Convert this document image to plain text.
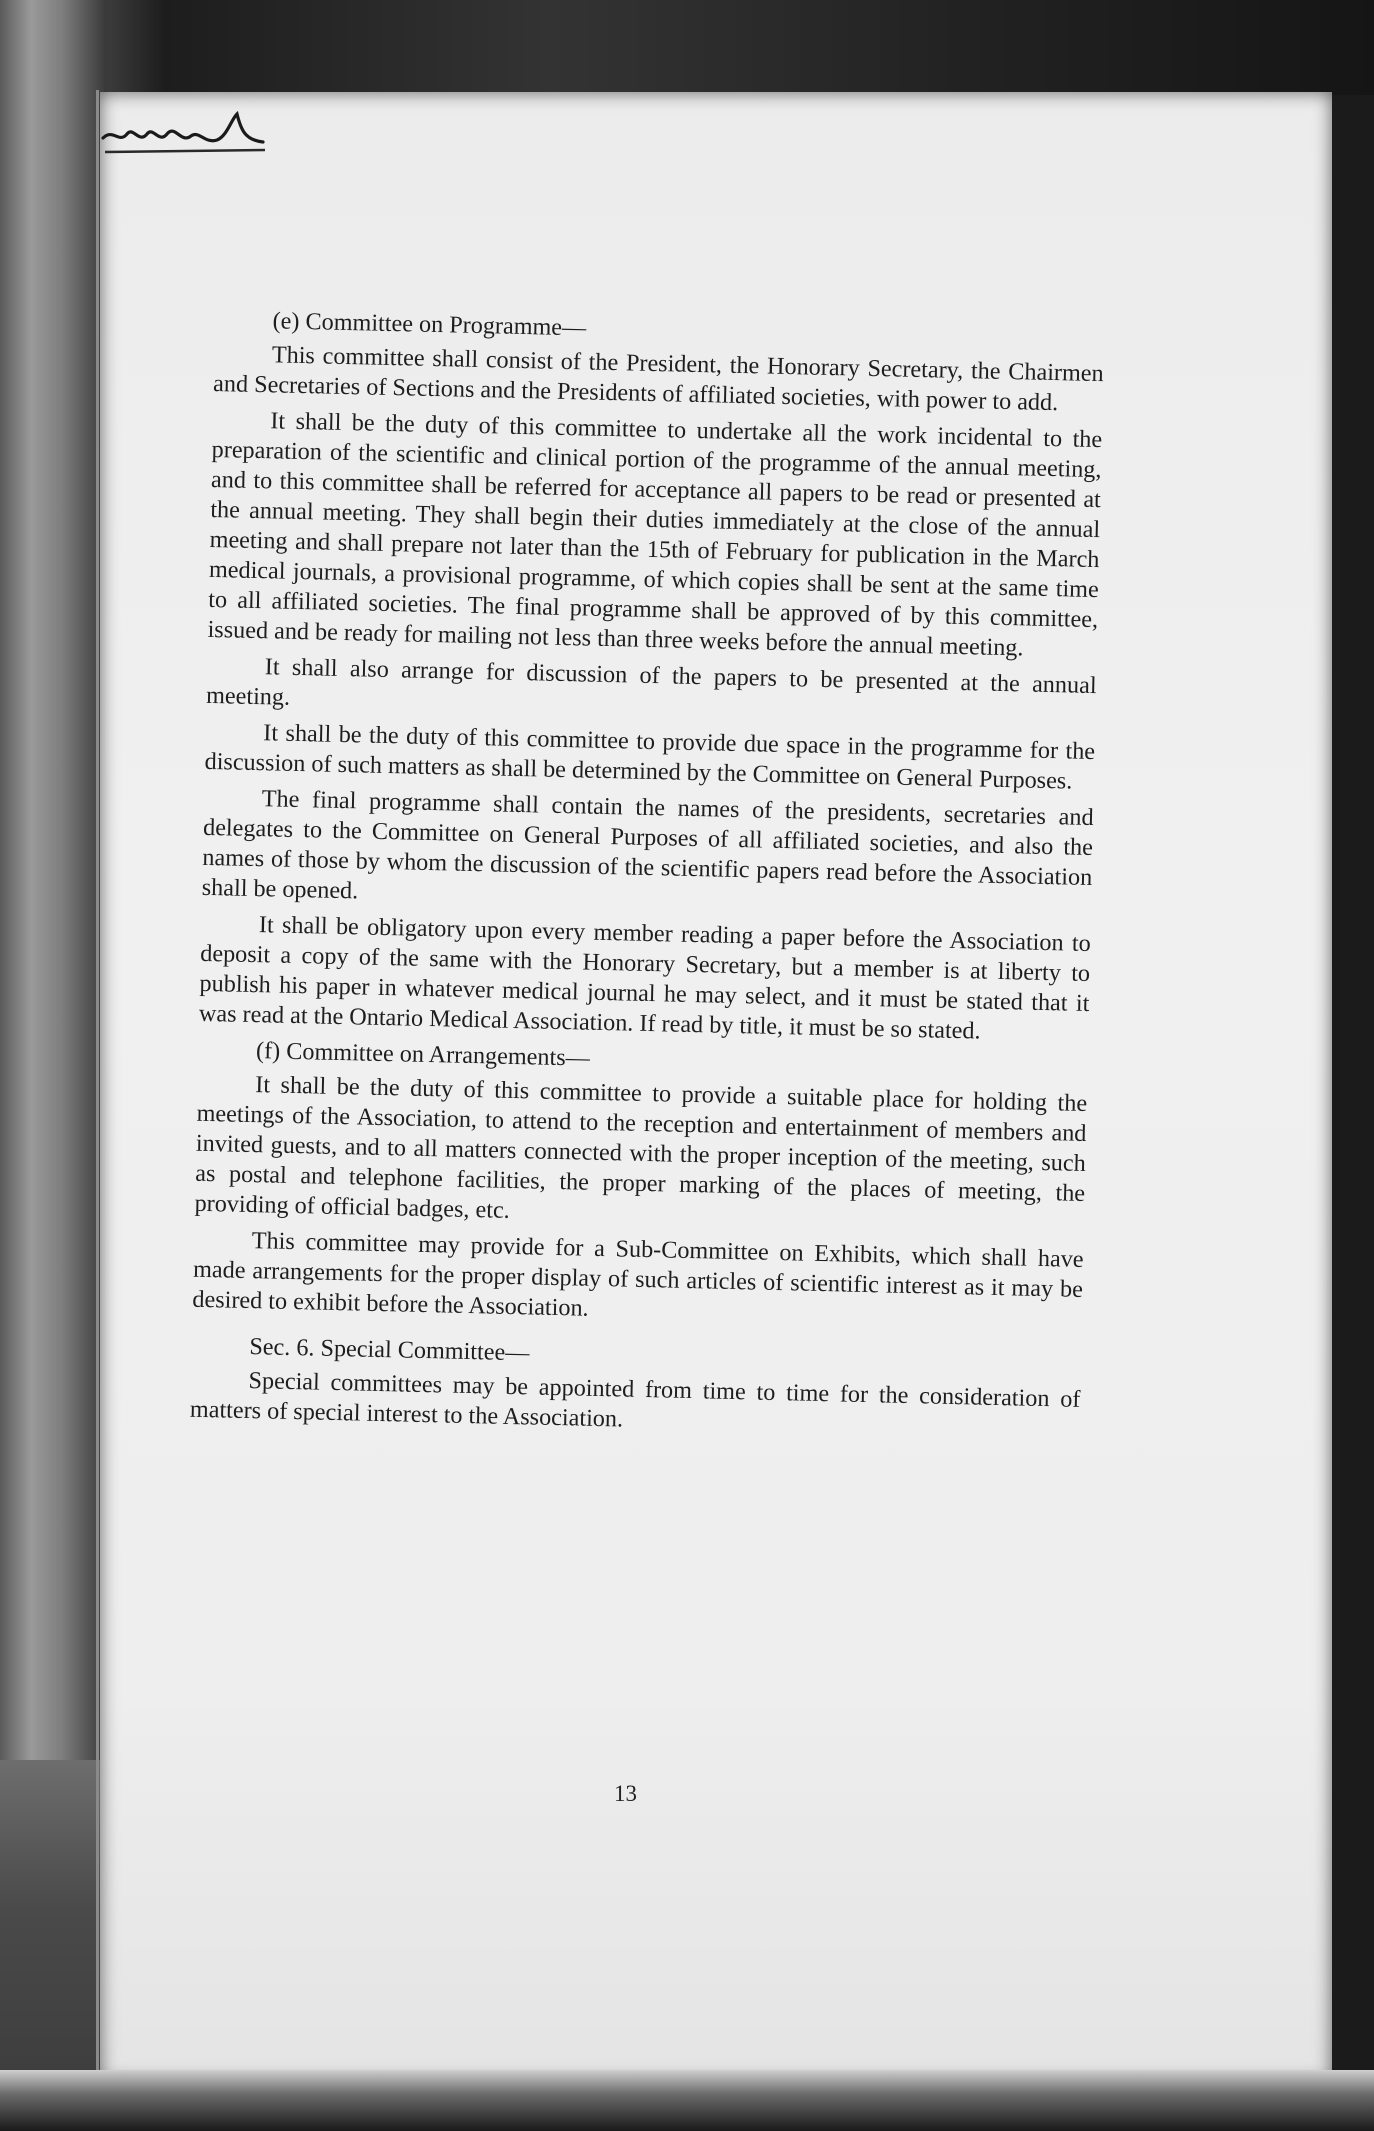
(e) Committee on Programme—

This committee shall consist of the President, the Honorary Secretary, the Chairmen and Secretaries of Sections and the Presidents of affiliated societies, with power to add.

It shall be the duty of this committee to undertake all the work incidental to the preparation of the scientific and clinical portion of the programme of the annual meeting, and to this committee shall be referred for acceptance all papers to be read or presented at the annual meeting. They shall begin their duties immediately at the close of the annual meeting and shall prepare not later than the 15th of February for publication in the March medical journals, a provisional programme, of which copies shall be sent at the same time to all affiliated societies. The final programme shall be approved of by this committee, issued and be ready for mailing not less than three weeks before the annual meeting.

It shall also arrange for discussion of the papers to be presented at the annual meeting.

It shall be the duty of this committee to provide due space in the programme for the discussion of such matters as shall be determined by the Committee on General Purposes.

The final programme shall contain the names of the presidents, secretaries and delegates to the Committee on General Purposes of all affiliated societies, and also the names of those by whom the discussion of the scientific papers read before the Association shall be opened.

It shall be obligatory upon every member reading a paper before the Association to deposit a copy of the same with the Honorary Secretary, but a member is at liberty to publish his paper in whatever medical journal he may select, and it must be stated that it was read at the Ontario Medical Association. If read by title, it must be so stated.

(f) Committee on Arrangements—

It shall be the duty of this committee to provide a suitable place for holding the meetings of the Association, to attend to the reception and entertainment of members and invited guests, and to all matters connected with the proper inception of the meeting, such as postal and telephone facilities, the proper marking of the places of meeting, the providing of official badges, etc.

This committee may provide for a Sub-Committee on Exhibits, which shall have made arrangements for the proper display of such articles of scientific interest as it may be desired to exhibit before the Association.

Sec. 6. Special Committee—

Special committees may be appointed from time to time for the consideration of matters of special interest to the Association.

13
